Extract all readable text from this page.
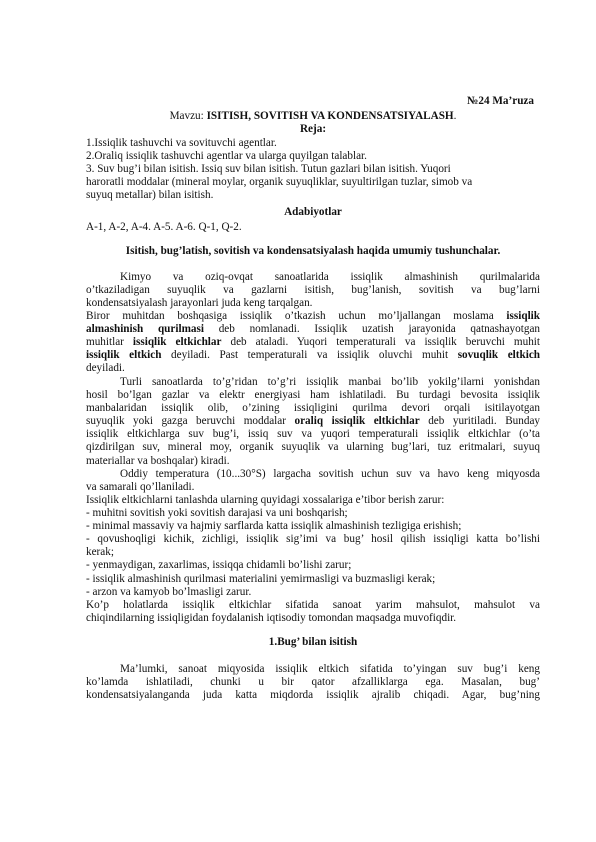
№24 Ma’ruza
Mavzu: ISITISH, SOVITISH VA KONDENSATSIYALASH.
Reja:

1.Issiqlik tashuvchi va sovituvchi agentlar.

2.Oraliq issiqlik tashuvchi agentlar va ularga quyilgan talablar.

3. Suv bug’i bilan isitish. Issiq suv bilan isitish. Tutun gazlari bilan isitish. Yuqori

haroratli moddalar (mineral moylar, organik suyuqliklar, suyultirilgan tuzlar, simob va

suyuq metallar) bilan isitish.

Adabiyotlar

A-1, A-2, A-4. A-5. A-6. Q-1, Q-2.

Isitish, bug’latish, sovitish va kondensatsiyalash haqida umumiy tushunchalar.

Kimyo va oziq-ovqat sanoatlarida issiqlik almashinish qurilmalarida

o’tkaziladigan suyuqlik va gazlarni isitish, bug’lanish, sovitish va bug’larni

kondensatsiyalash jarayonlari juda keng tarqalgan.

Biror muhitdan boshqasiga issiqlik o’tkazish uchun mo’ljallangan moslama issiqlik

almashinish qurilmasi deb nomlanadi. Issiqlik uzatish jarayonida qatnashayotgan

muhitlar issiqlik eltkichlar deb ataladi. Yuqori temperaturali va issiqlik beruvchi muhit

issiqlik eltkich deyiladi. Past temperaturali va issiqlik oluvchi muhit sovuqlik eltkich

deyiladi.

Turli sanoatlarda to’g’ridan to’g’ri issiqlik manbai bo’lib yokilg’ilarni yonishdan

hosil bo’lgan gazlar va elektr energiyasi ham ishlatiladi. Bu turdagi bevosita issiqlik

manbalaridan issiqlik olib, o’zining issiqligini qurilma devori orqali isitilayotgan

suyuqlik yoki gazga beruvchi moddalar oraliq issiqlik eltkichlar deb yuritiladi. Bunday

issiqlik eltkichlarga suv bug’i, issiq suv va yuqori temperaturali issiqlik eltkichlar (o’ta

qizdirilgan suv, mineral moy, organik suyuqlik va ularning bug’lari, tuz eritmalari, suyuq

materiallar va boshqalar) kiradi.

Oddiy temperatura (10...30°S) largacha sovitish uchun suv va havo keng miqyosda

va samarali qo’llaniladi.

Issiqlik eltkichlarni tanlashda ularning quyidagi xossalariga e’tibor berish zarur:

- muhitni sovitish yoki sovitish darajasi va uni boshqarish;

- minimal massaviy va hajmiy sarflarda katta issiqlik almashinish tezligiga erishish;

- qovushoqligi kichik, zichligi, issiqlik sig’imi va bug’ hosil qilish issiqligi katta bo’lishi

kerak;

- yenmaydigan, zaxarlimas, issiqqa chidamli bo’lishi zarur;

- issiqlik almashinish qurilmasi materialini yemirmasligi va buzmasligi kerak;

- arzon va kamyob bo’lmasligi zarur.

Ko’p holatlarda issiqlik eltkichlar sifatida sanoat yarim mahsulot, mahsulot va

chiqindilarning issiqligidan foydalanish iqtisodiy tomondan maqsadga muvofiqdir.

1.Bug’ bilan isitish

Ma’lumki, sanoat miqyosida issiqlik eltkich sifatida to’yingan suv bug’i keng

ko’lamda ishlatiladi, chunki u bir qator afzalliklarga ega. Masalan, bug’

kondensatsiyalanganda juda katta miqdorda issiqlik ajralib chiqadi. Agar, bug’ning
